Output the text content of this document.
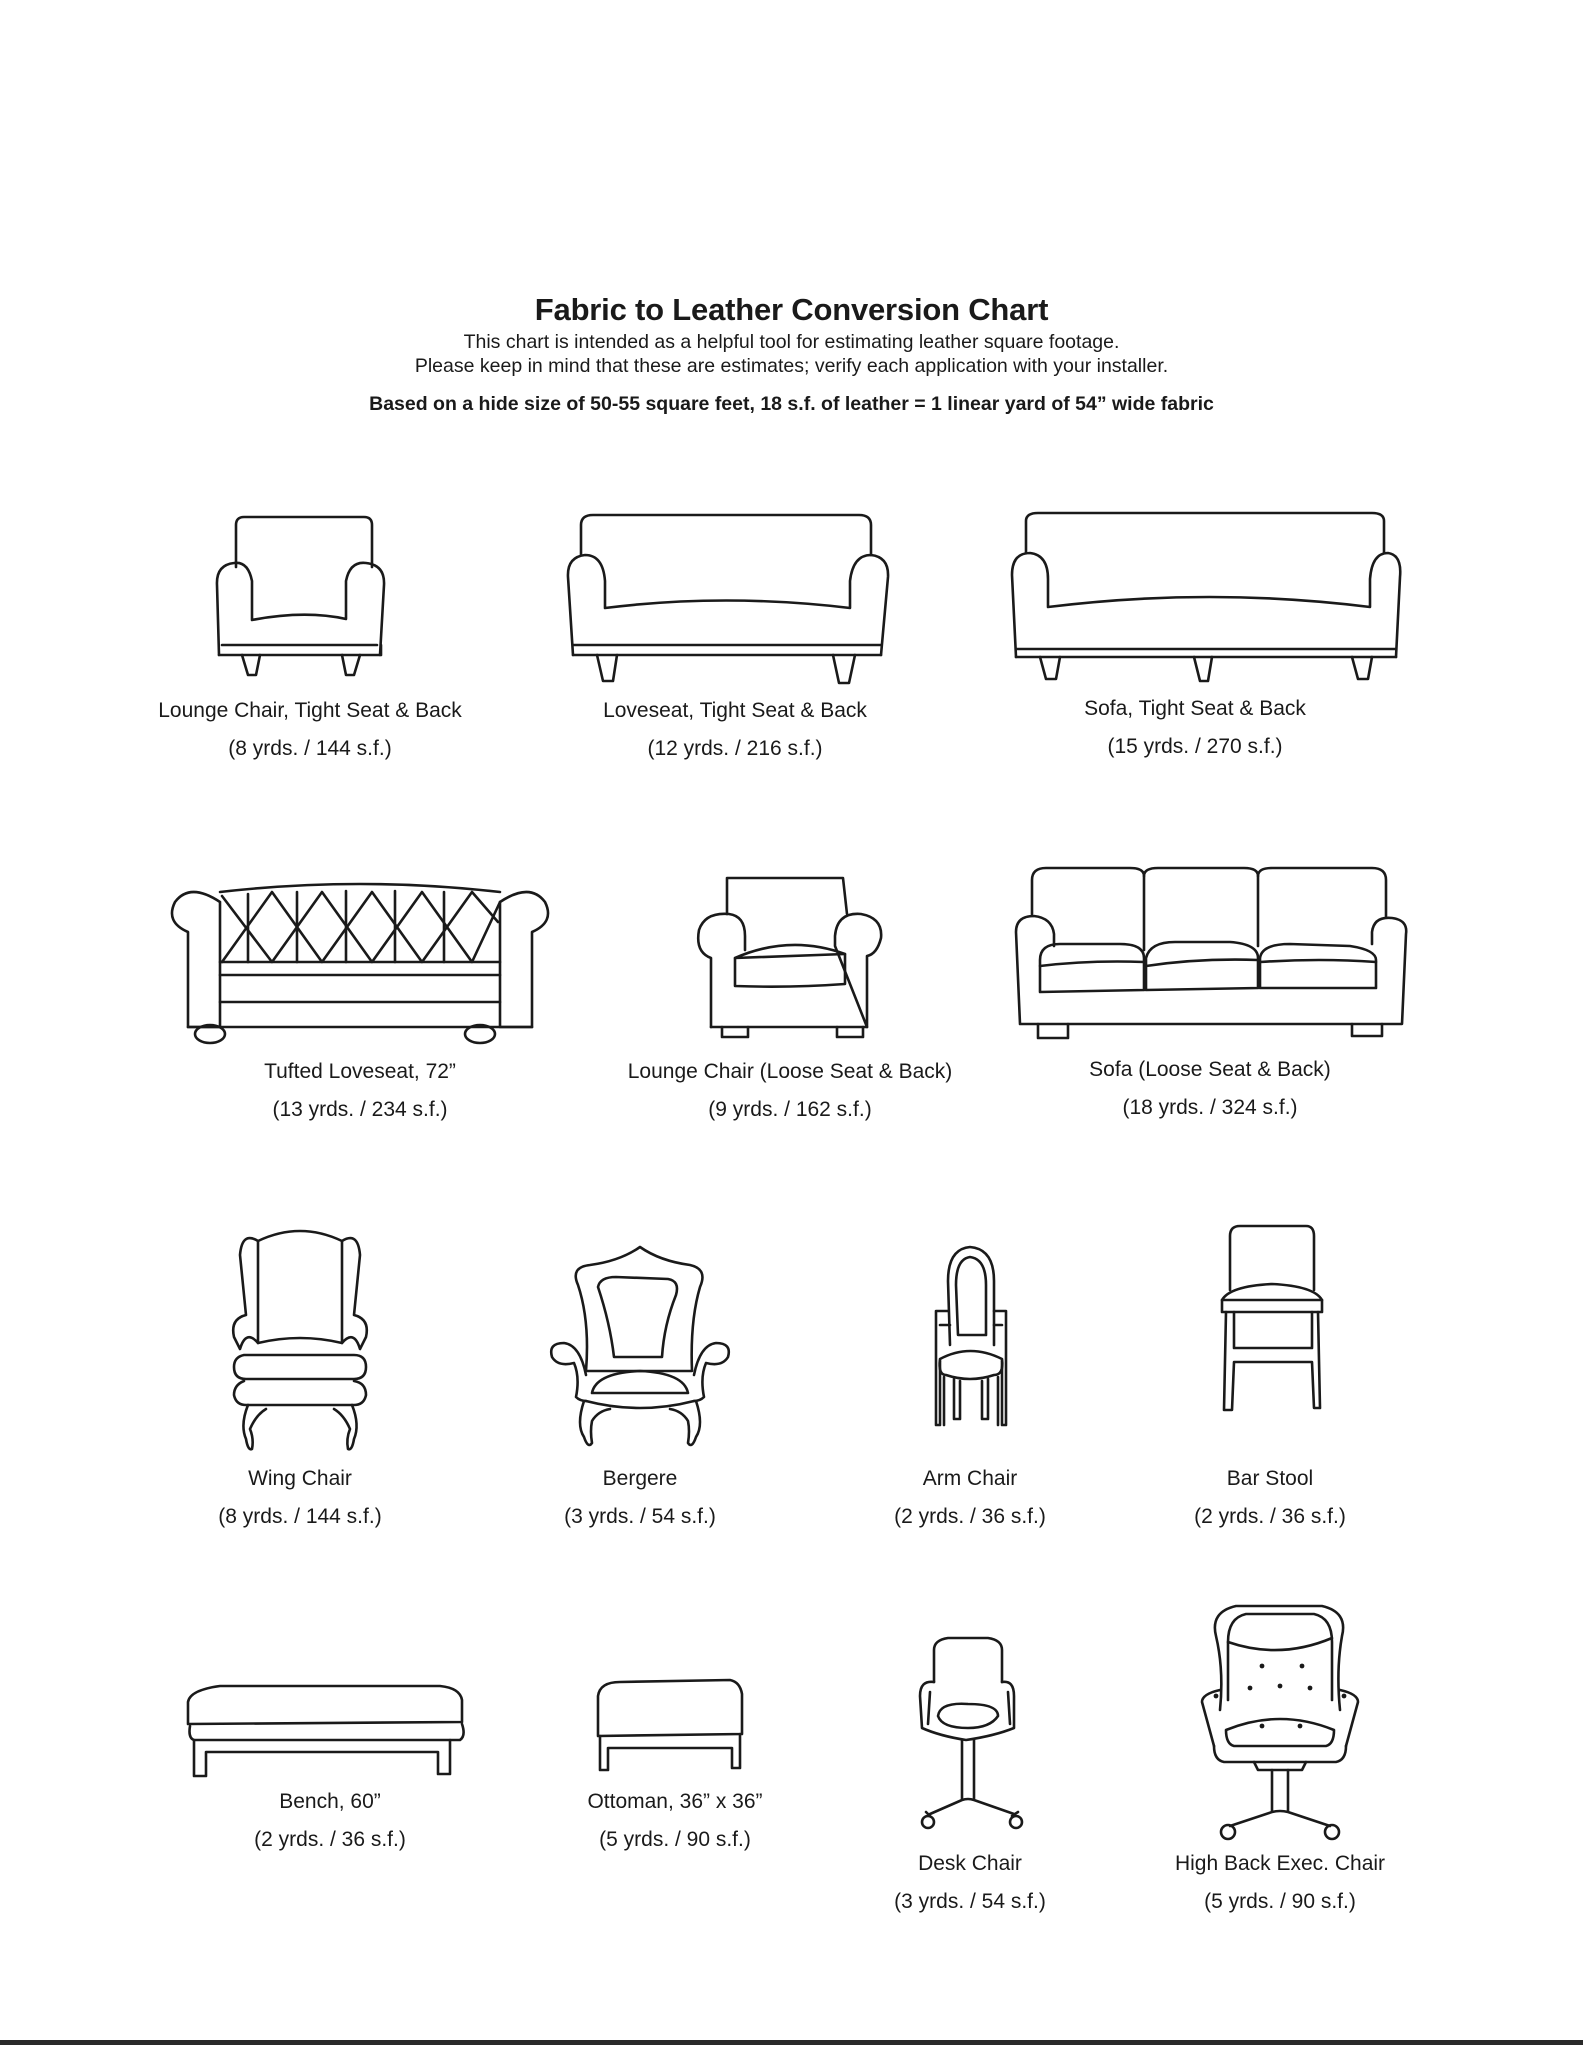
Fabric to Leather Conversion Chart

This chart is intended as a helpful tool for estimating leather square footage.

Please keep in mind that these are estimates; verify each application with your installer.

Based on a hide size of 50-55 square feet, 18 s.f. of leather = 1 linear yard of 54” wide fabric
Lounge Chair, Tight Seat & Back
(8 yrds. / 144 s.f.)
Loveseat, Tight Seat & Back
(12 yrds. / 216 s.f.)
Sofa, Tight Seat & Back
(15 yrds. / 270 s.f.)
Tufted Loveseat, 72”
(13 yrds. / 234 s.f.)
Lounge Chair (Loose Seat & Back)
(9 yrds. / 162 s.f.)
Sofa (Loose Seat & Back)
(18 yrds. / 324 s.f.)
Wing Chair
(8 yrds. / 144 s.f.)
Bergere
(3 yrds. / 54 s.f.)
Arm Chair
(2 yrds. / 36 s.f.)
Bar Stool
(2 yrds. / 36 s.f.)
Bench, 60”
(2 yrds. / 36 s.f.)
Ottoman, 36” x 36”
(5 yrds. / 90 s.f.)
Desk Chair
(3 yrds. / 54 s.f.)
High Back Exec. Chair
(5 yrds. / 90 s.f.)
